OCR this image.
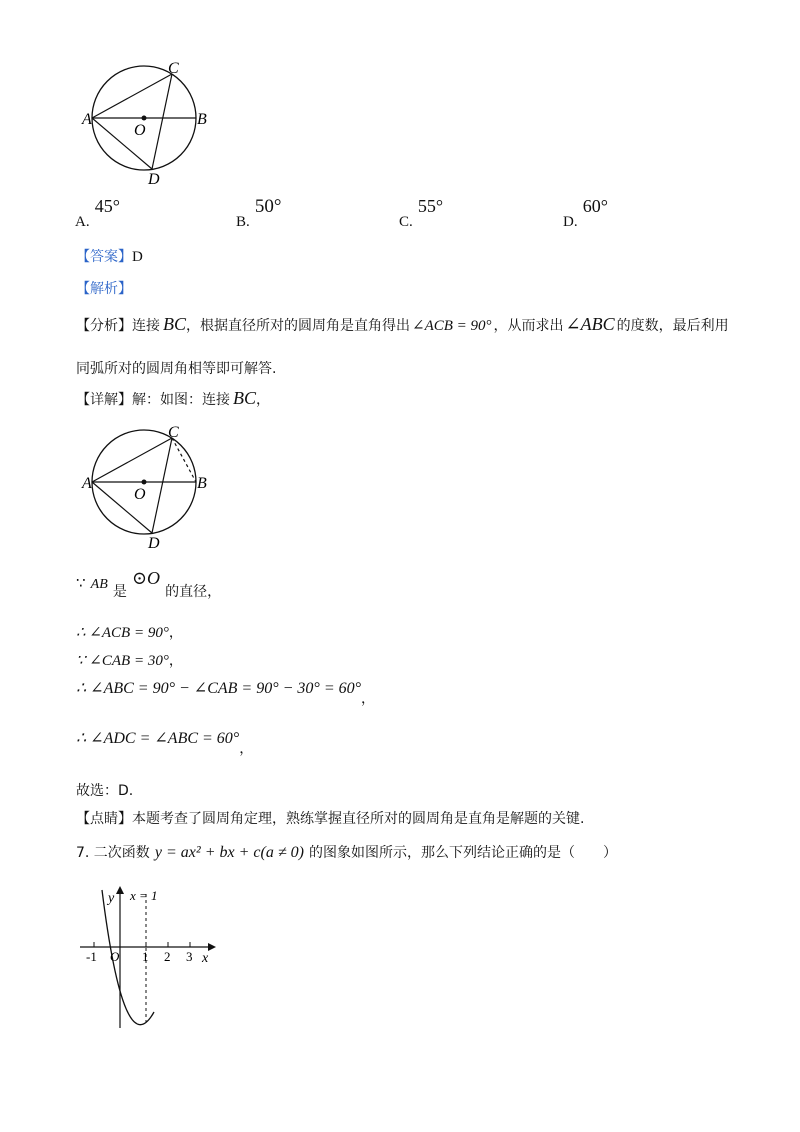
A	B
C
D
O
A. 45°
B. 50°
C. 55°
D. 60°
【答案】D
【解析】
【分析】连接 BC，根据直径所对的圆周角是直角得出 ∠ACB = 90° ，从而求出 ∠ABC 的度数，最后利用
同弧所对的圆周角相等即可解答.
【详解】解：如图：连接 BC，
A	B
C
D
O
∵ AB 是 ⊙O 的直径，
∴ ∠ACB = 90°，
∵ ∠CAB = 30°，
∴ ∠ABC = 90° − ∠CAB = 90° − 30° = 60°，
∴ ∠ADC = ∠ABC = 60°，
故选：D.
【点睛】本题考查了圆周角定理，熟练掌握直径所对的圆周角是直角是解题的关键.
7. 二次函数 y = ax² + bx + c(a ≠ 0) 的图象如图所示，那么下列结论正确的是（　　）
y
x
x = 1
O
-1	1 2 3
